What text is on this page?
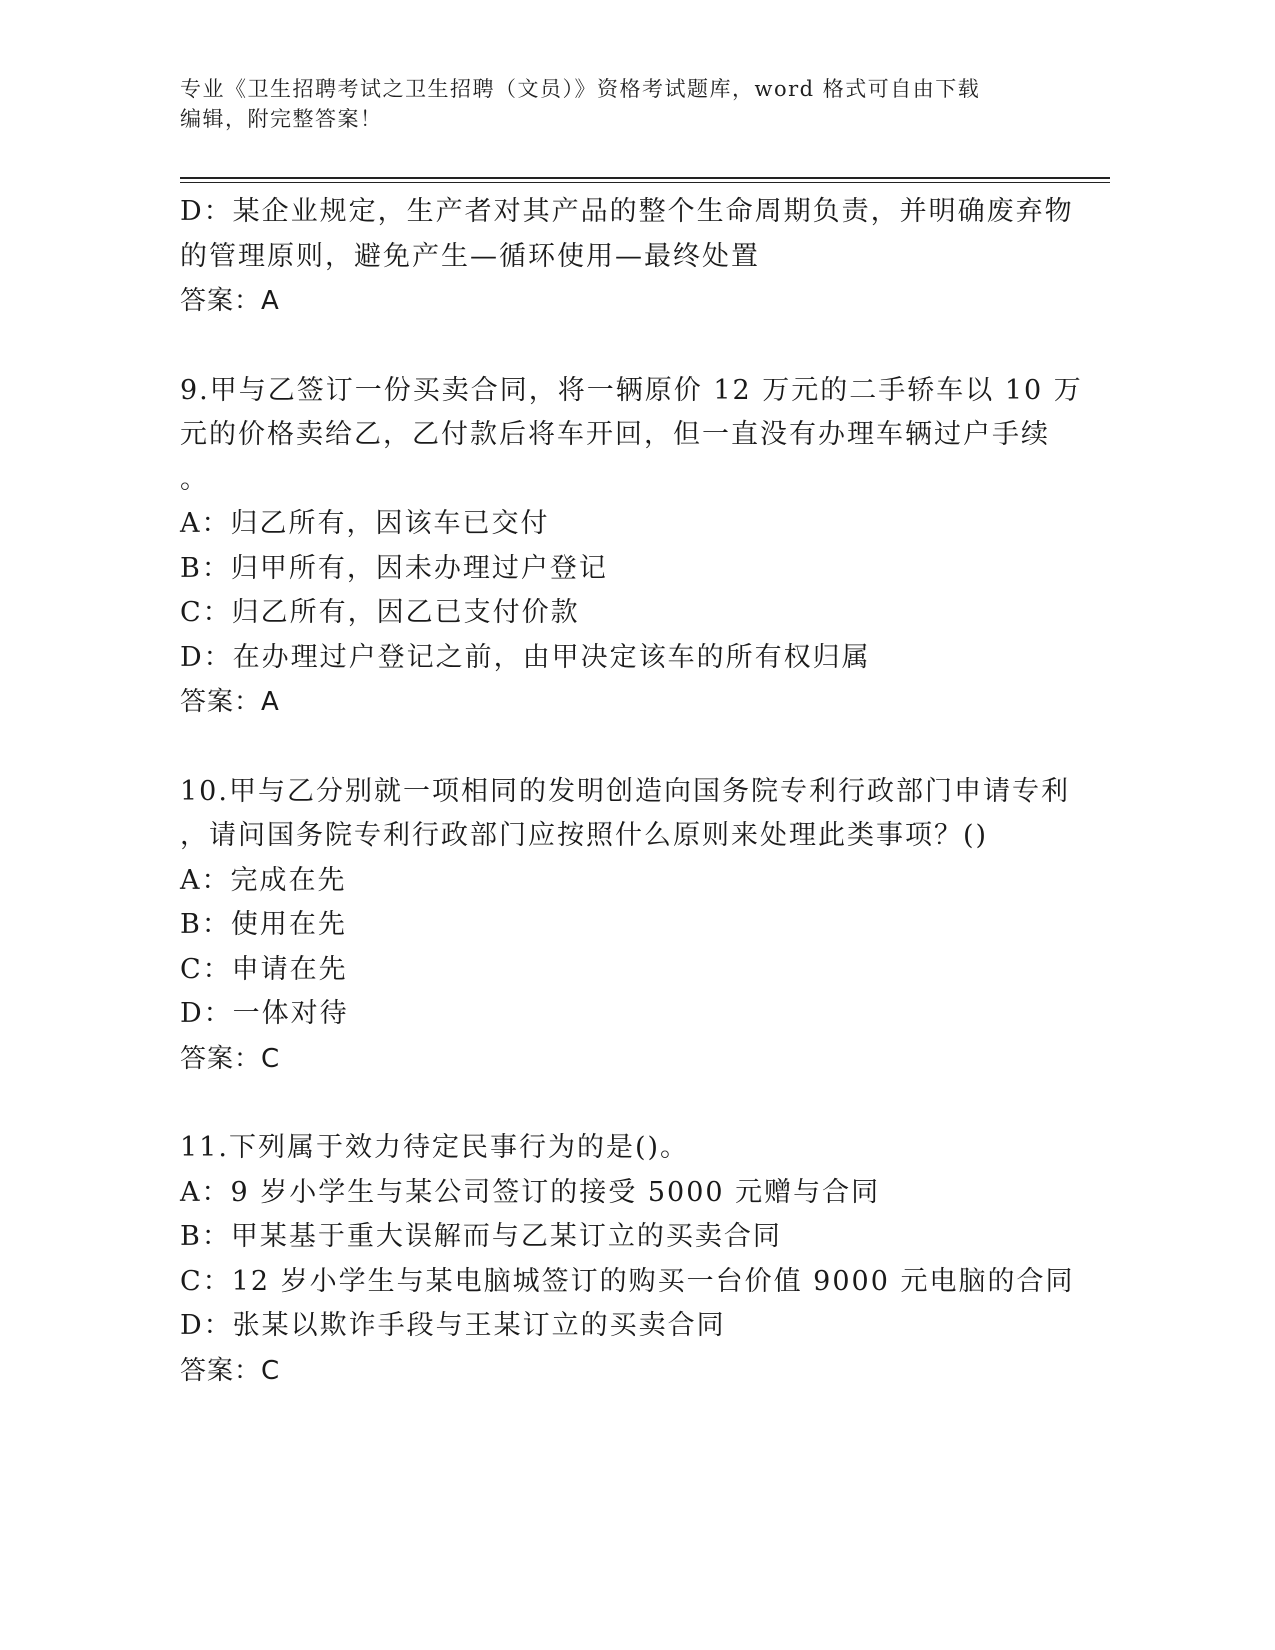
专业《卫生招聘考试之卫生招聘（文员）》资格考试题库，word 格式可自由下载
编辑，附完整答案！
D：某企业规定，生产者对其产品的整个生命周期负责，并明确废弃物
的管理原则，避免产生—循环使用—最终处置
答案：A
9.甲与乙签订一份买卖合同，将一辆原价 12 万元的二手轿车以 10 万
元的价格卖给乙，乙付款后将车开回，但一直没有办理车辆过户手续
。
A：归乙所有，因该车已交付
B：归甲所有，因未办理过户登记
C：归乙所有，因乙已支付价款
D：在办理过户登记之前，由甲决定该车的所有权归属
答案：A
10.甲与乙分别就一项相同的发明创造向国务院专利行政部门申请专利
，请问国务院专利行政部门应按照什么原则来处理此类事项？()
A：完成在先
B：使用在先
C：申请在先
D：一体对待
答案：C
11.下列属于效力待定民事行为的是()。
A：9 岁小学生与某公司签订的接受 5000 元赠与合同
B：甲某基于重大误解而与乙某订立的买卖合同
C：12 岁小学生与某电脑城签订的购买一台价值 9000 元电脑的合同
D：张某以欺诈手段与王某订立的买卖合同
答案：C
